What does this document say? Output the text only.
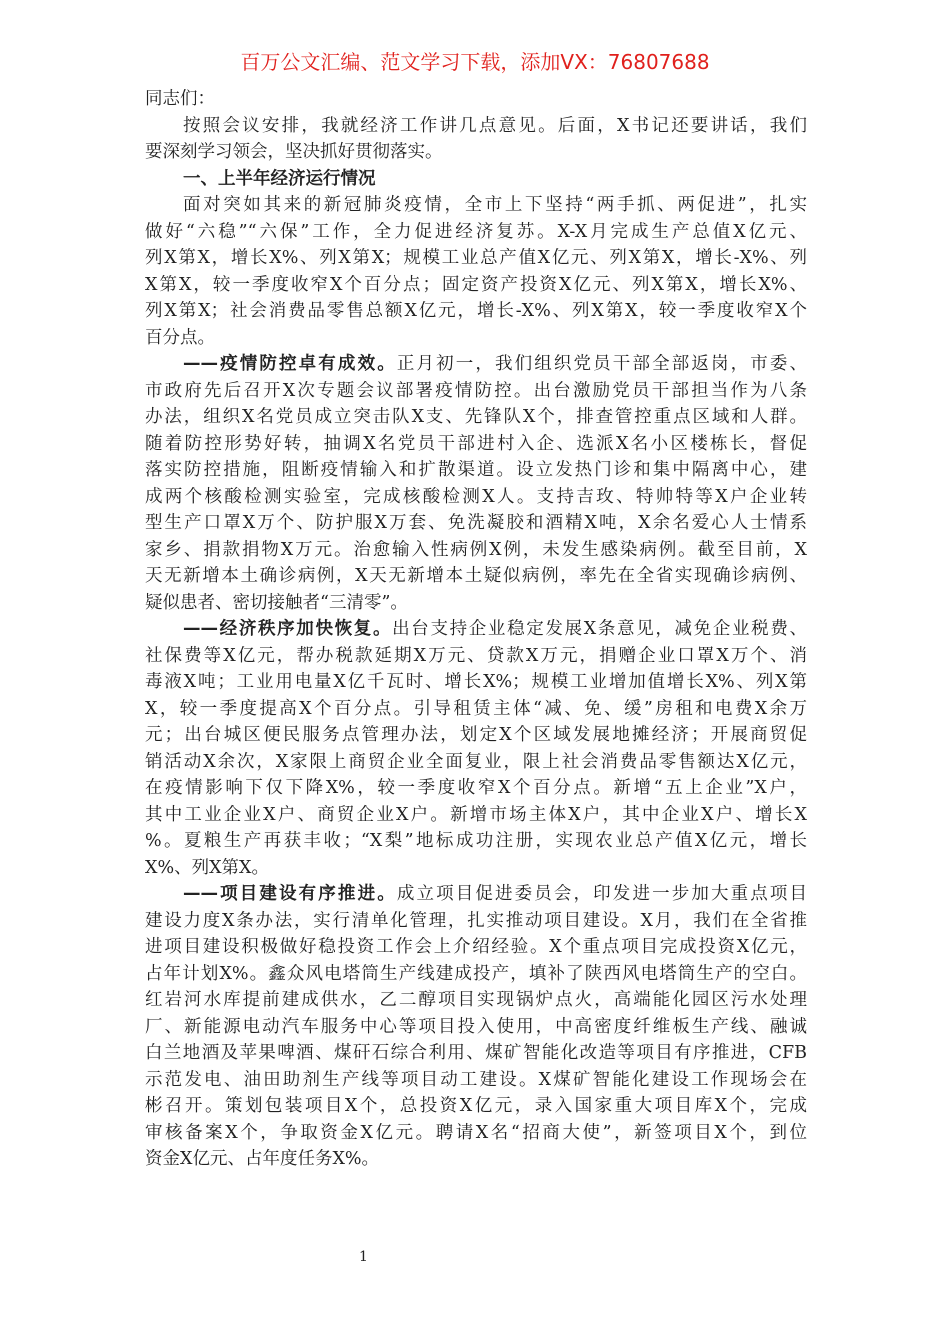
百万公文汇编、范文学习下载，添加VX：76807688
同志们：
按照会议安排，我就经济工作讲几点意见。后面，X书记还要讲话，我们
要深刻学习领会，坚决抓好贯彻落实。
一、上半年经济运行情况
面对突如其来的新冠肺炎疫情，全市上下坚持“两手抓、两促进”，扎实
做好“六稳”“六保”工作，全力促进经济复苏。X-X月完成生产总值X亿元、
列X第X，增长X%、列X第X；规模工业总产值X亿元、列X第X，增长-X%、列
X第X，较一季度收窄X个百分点；固定资产投资X亿元、列X第X，增长X%、
列X第X；社会消费品零售总额X亿元，增长-X%、列X第X，较一季度收窄X个
百分点。
——疫情防控卓有成效。正月初一，我们组织党员干部全部返岗，市委、
市政府先后召开X次专题会议部署疫情防控。出台激励党员干部担当作为八条
办法，组织X名党员成立突击队X支、先锋队X个，排查管控重点区域和人群。
随着防控形势好转，抽调X名党员干部进村入企、选派X名小区楼栋长，督促
落实防控措施，阻断疫情输入和扩散渠道。设立发热门诊和集中隔离中心，建
成两个核酸检测实验室，完成核酸检测X人。支持吉玫、特帅特等X户企业转
型生产口罩X万个、防护服X万套、免洗凝胶和酒精X吨，X余名爱心人士情系
家乡、捐款捐物X万元。治愈输入性病例X例，未发生感染病例。截至目前，X
天无新增本土确诊病例，X天无新增本土疑似病例，率先在全省实现确诊病例、
疑似患者、密切接触者“三清零”。
——经济秩序加快恢复。出台支持企业稳定发展X条意见，减免企业税费、
社保费等X亿元，帮办税款延期X万元、贷款X万元，捐赠企业口罩X万个、消
毒液X吨；工业用电量X亿千瓦时、增长X%；规模工业增加值增长X%、列X第
X，较一季度提高X个百分点。引导租赁主体“减、免、缓”房租和电费X余万
元；出台城区便民服务点管理办法，划定X个区域发展地摊经济；开展商贸促
销活动X余次，X家限上商贸企业全面复业，限上社会消费品零售额达X亿元，
在疫情影响下仅下降X%，较一季度收窄X个百分点。新增“五上企业”X户，
其中工业企业X户、商贸企业X户。新增市场主体X户，其中企业X户、增长X
%。夏粮生产再获丰收；“X梨”地标成功注册，实现农业总产值X亿元，增长
X%、列X第X。
——项目建设有序推进。成立项目促进委员会，印发进一步加大重点项目
建设力度X条办法，实行清单化管理，扎实推动项目建设。X月，我们在全省推
进项目建设积极做好稳投资工作会上介绍经验。X个重点项目完成投资X亿元，
占年计划X%。鑫众风电塔筒生产线建成投产，填补了陕西风电塔筒生产的空白。
红岩河水库提前建成供水，乙二醇项目实现锅炉点火，高端能化园区污水处理
厂、新能源电动汽车服务中心等项目投入使用，中高密度纤维板生产线、融诚
白兰地酒及苹果啤酒、煤矸石综合利用、煤矿智能化改造等项目有序推进，CFB
示范发电、油田助剂生产线等项目动工建设。X煤矿智能化建设工作现场会在
彬召开。策划包装项目X个，总投资X亿元，录入国家重大项目库X个，完成
审核备案X个，争取资金X亿元。聘请X名“招商大使”，新签项目X个，到位
资金X亿元、占年度任务X%。
1
